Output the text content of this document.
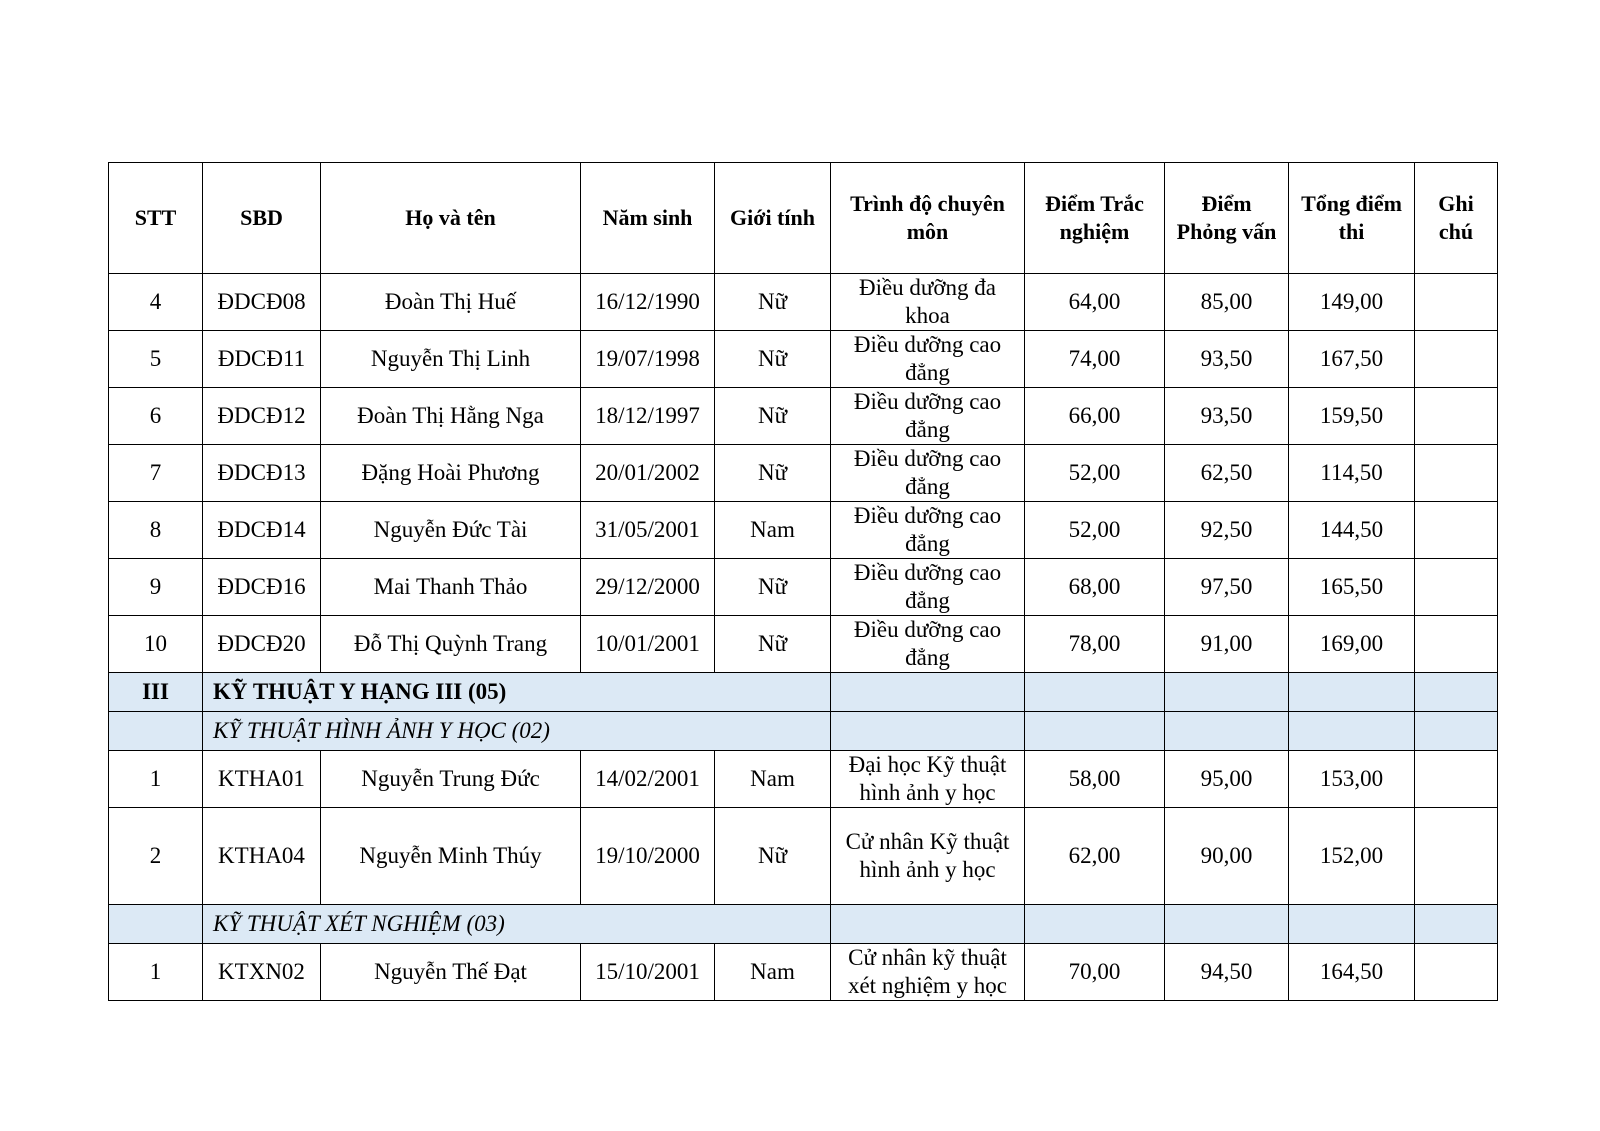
STT	SBD	Họ và tên	Năm sinh	Giới tính	Trình độ chuyên môn	Điểm Trắc nghiệm	Điểm Phỏng vấn	Tổng điểm thi	Ghi chú
4	ĐDCĐ08	Đoàn Thị Huế	16/12/1990	Nữ	Điều dưỡng đa khoa	64,00	85,00	149,00	
5	ĐDCĐ11	Nguyễn Thị Linh	19/07/1998	Nữ	Điều dưỡng cao đẳng	74,00	93,50	167,50	
6	ĐDCĐ12	Đoàn Thị Hằng Nga	18/12/1997	Nữ	Điều dưỡng cao đẳng	66,00	93,50	159,50	
7	ĐDCĐ13	Đặng Hoài Phương	20/01/2002	Nữ	Điều dưỡng cao đẳng	52,00	62,50	114,50	
8	ĐDCĐ14	Nguyễn Đức Tài	31/05/2001	Nam	Điều dưỡng cao đẳng	52,00	92,50	144,50	
9	ĐDCĐ16	Mai Thanh Thảo	29/12/2000	Nữ	Điều dưỡng cao đẳng	68,00	97,50	165,50	
10	ĐDCĐ20	Đỗ Thị Quỳnh Trang	10/01/2001	Nữ	Điều dưỡng cao đẳng	78,00	91,00	169,00	
III	KỸ THUẬT Y HẠNG III (05)								
	KỸ THUẬT HÌNH ẢNH Y HỌC (02)								
1	KTHA01	Nguyễn Trung Đức	14/02/2001	Nam	Đại học Kỹ thuật hình ảnh y học	58,00	95,00	153,00	
2	KTHA04	Nguyễn Minh Thúy	19/10/2000	Nữ	Cử nhân Kỹ thuật hình ảnh y học	62,00	90,00	152,00	
	KỸ THUẬT XÉT NGHIỆM (03)								
1	KTXN02	Nguyễn Thế Đạt	15/10/2001	Nam	Cử nhân kỹ thuật xét nghiệm y học	70,00	94,50	164,50	
